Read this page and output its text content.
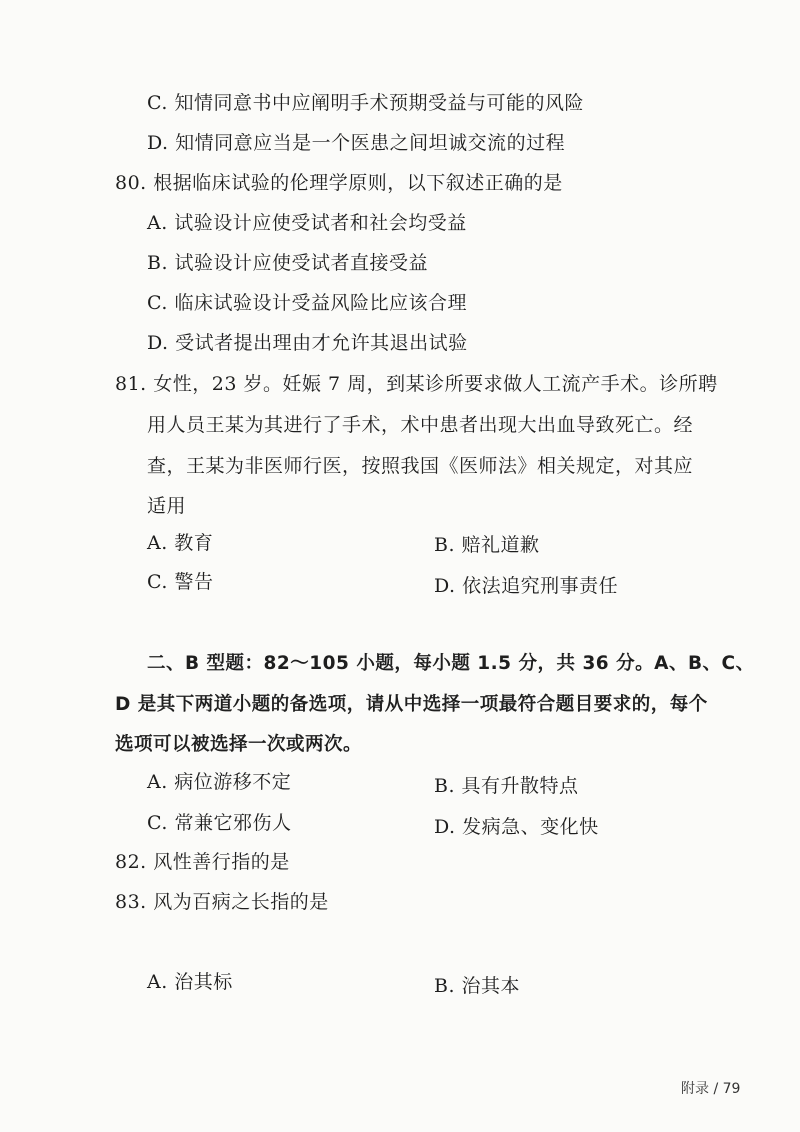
C. 知情同意书中应阐明手术预期受益与可能的风险
D. 知情同意应当是一个医患之间坦诚交流的过程
80. 根据临床试验的伦理学原则，以下叙述正确的是
A. 试验设计应使受试者和社会均受益
B. 试验设计应使受试者直接受益
C. 临床试验设计受益风险比应该合理
D. 受试者提出理由才允许其退出试验
81. 女性，23 岁。妊娠 7 周，到某诊所要求做人工流产手术。诊所聘
用人员王某为其进行了手术，术中患者出现大出血导致死亡。经
查，王某为非医师行医，按照我国《医师法》相关规定，对其应
适用
A. 教育	B. 赔礼道歉
C. 警告	D. 依法追究刑事责任
二、B 型题：82～105 小题，每小题 1.5 分，共 36 分。A、B、C、
D 是其下两道小题的备选项，请从中选择一项最符合题目要求的，每个
选项可以被选择一次或两次。
A. 病位游移不定	B. 具有升散特点
C. 常兼它邪伤人	D. 发病急、变化快
82. 风性善行指的是
83. 风为百病之长指的是
A. 治其标	B. 治其本
附录 / 79
